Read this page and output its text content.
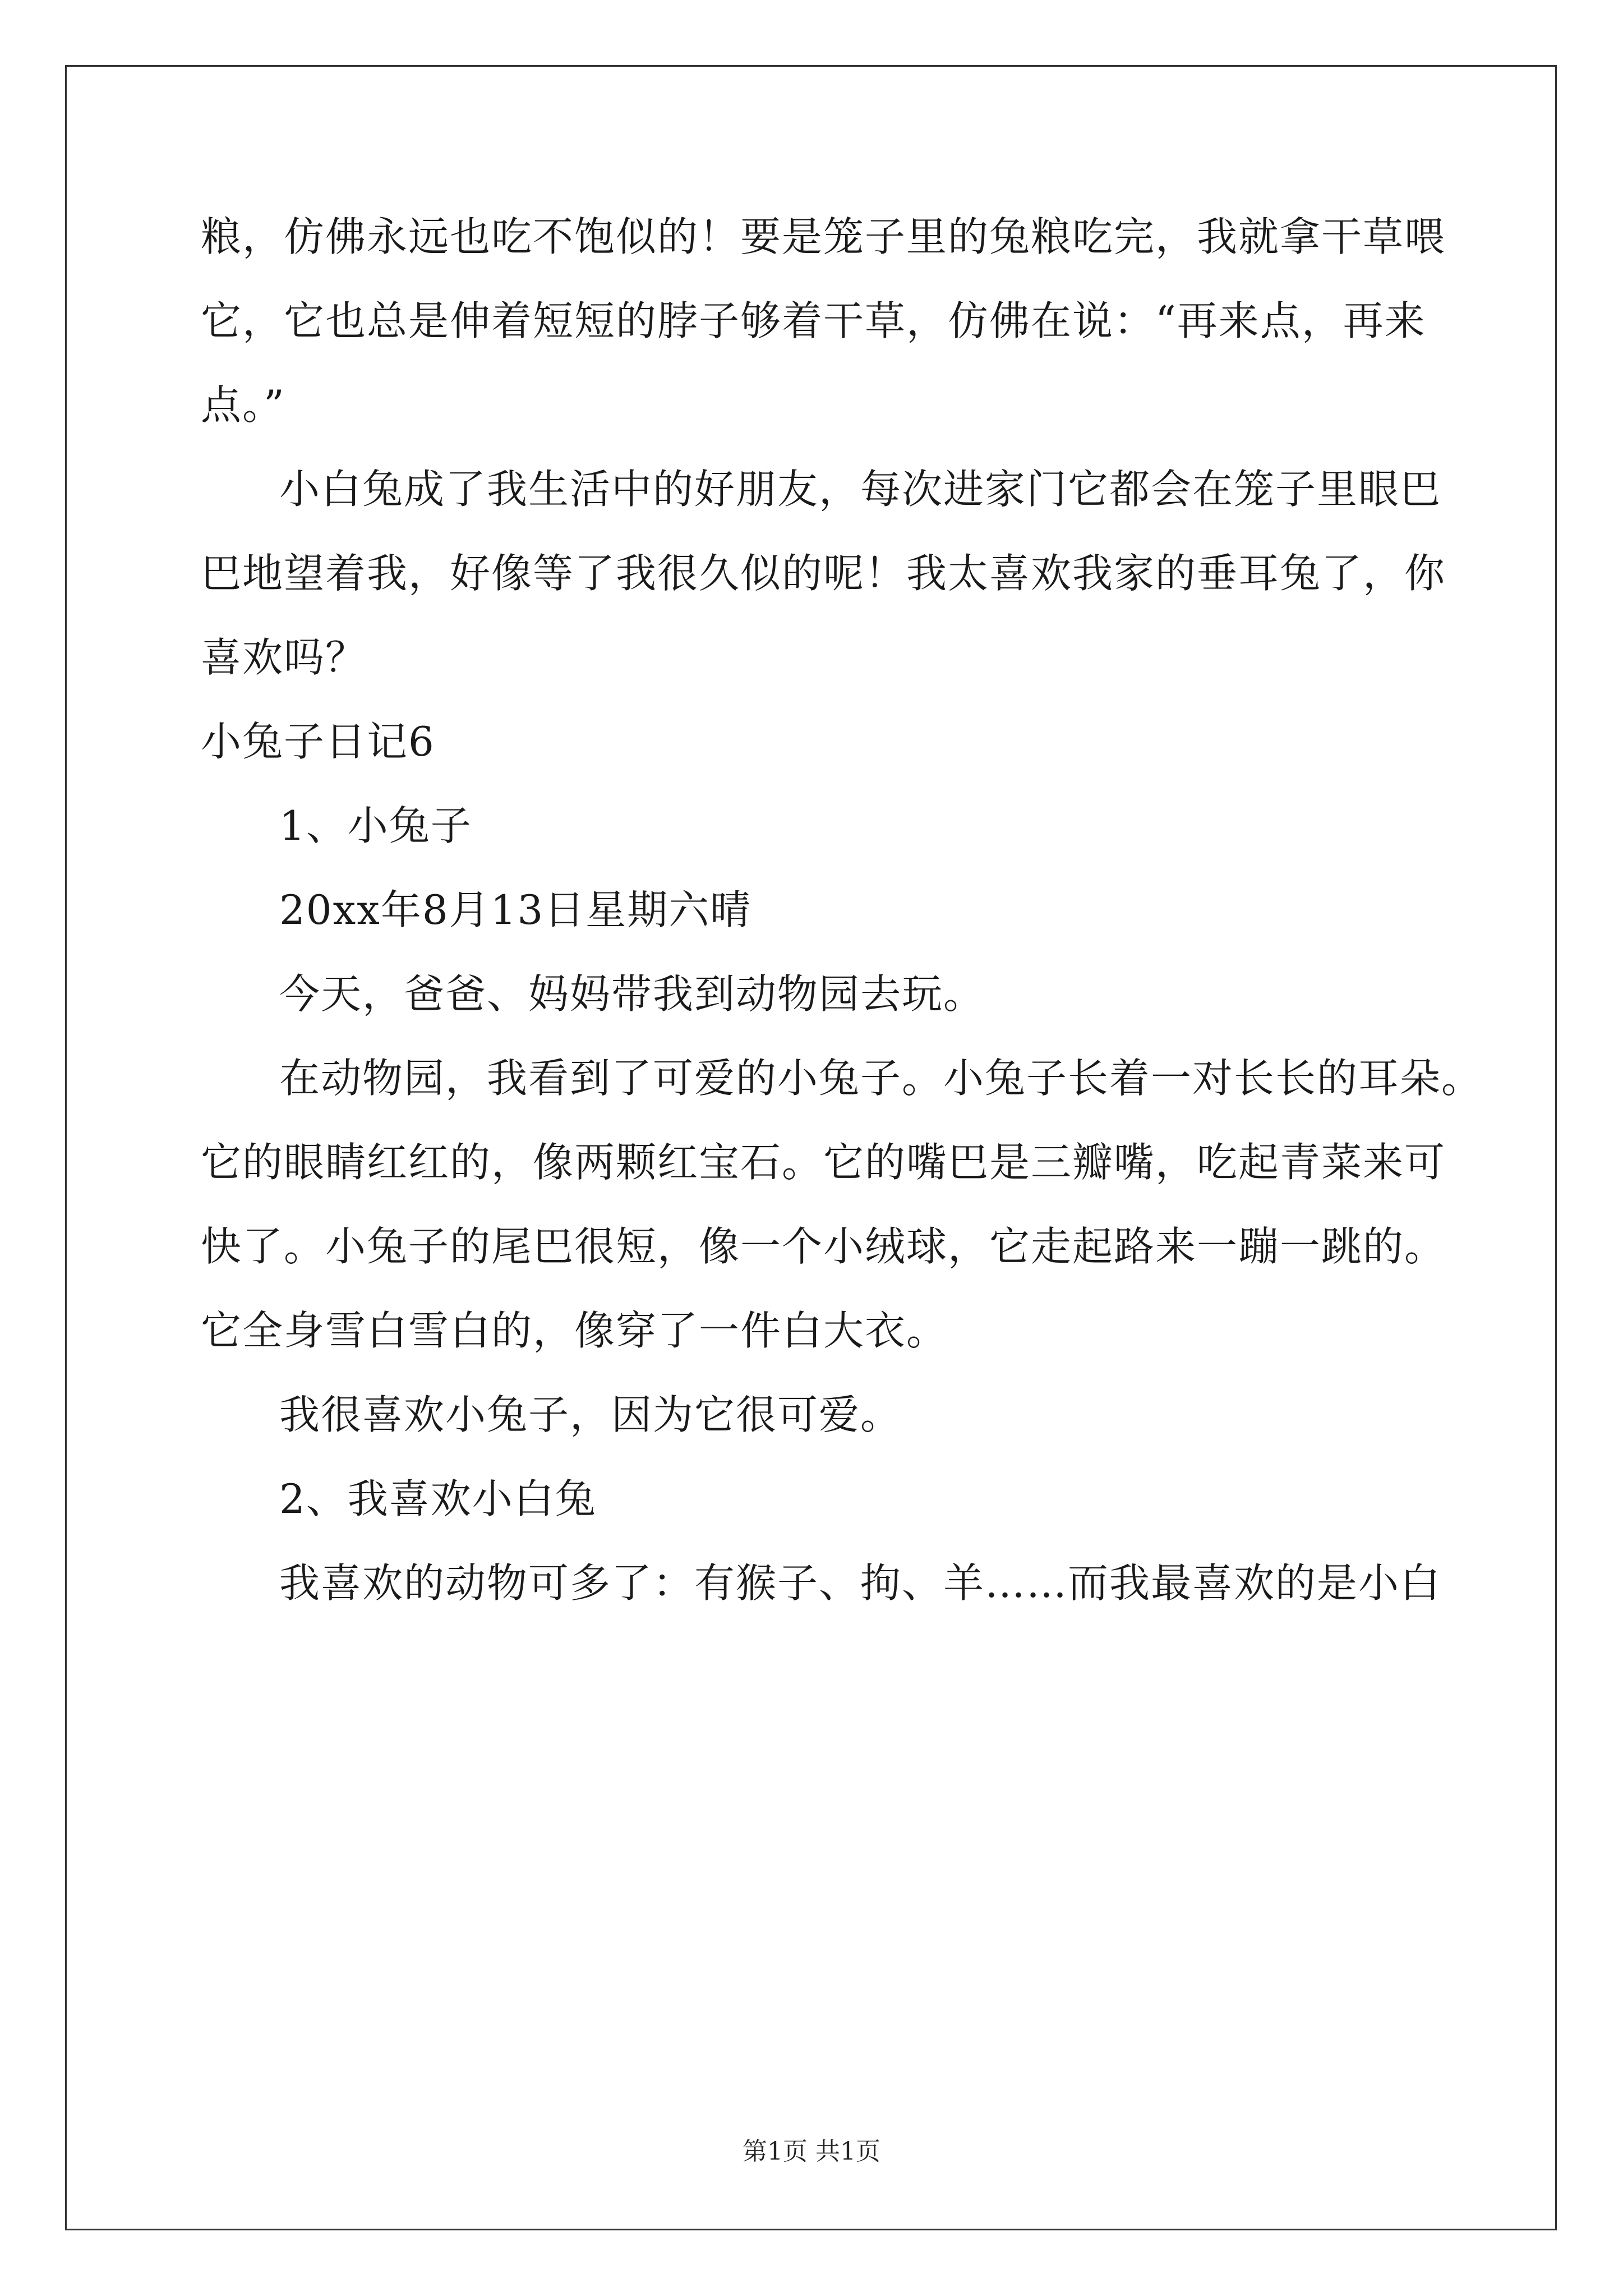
粮，仿佛永远也吃不饱似的！要是笼子里的兔粮吃完，我就拿干草喂
它，它也总是伸着短短的脖子够着干草，仿佛在说：“再来点，再来
点。”
小白兔成了我生活中的好朋友，每次进家门它都会在笼子里眼巴
巴地望着我，好像等了我很久似的呢！我太喜欢我家的垂耳兔了，你
喜欢吗？
小兔子日记6
1、小兔子
20xx年8月13日星期六晴
今天，爸爸、妈妈带我到动物园去玩。
在动物园，我看到了可爱的小兔子。小兔子长着一对长长的耳朵。
它的眼睛红红的，像两颗红宝石。它的嘴巴是三瓣嘴，吃起青菜来可
快了。小兔子的尾巴很短，像一个小绒球，它走起路来一蹦一跳的。
它全身雪白雪白的，像穿了一件白大衣。
我很喜欢小兔子，因为它很可爱。
2、我喜欢小白兔
我喜欢的动物可多了：有猴子、拘、羊……而我最喜欢的是小白
第1页 共1页
